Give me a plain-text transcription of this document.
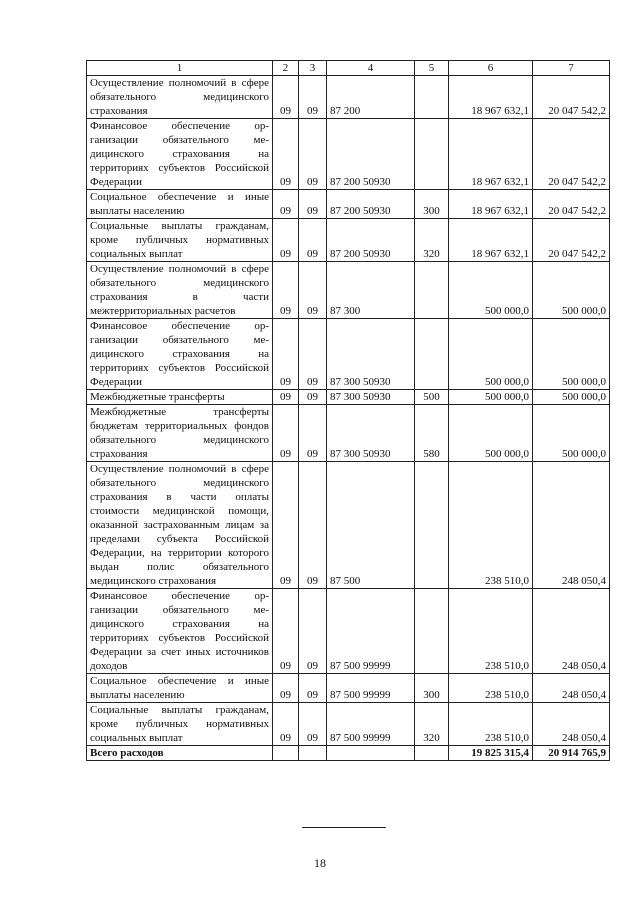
1	2	3	4	5	6	7
Осуществление полномочий в сфере обязательного медицинского страхования	09	09	87 200		18 967 632,1	20 047 542,2
Финансовое обеспечение организации обязательного медицинского страхования на территориях субъектов Российской Федерации	09	09	87 200 50930		18 967 632,1	20 047 542,2
Социальное обеспечение и иные выплаты населению	09	09	87 200 50930	300	18 967 632,1	20 047 542,2
Социальные выплаты гражданам, кроме публичных нормативных социальных выплат	09	09	87 200 50930	320	18 967 632,1	20 047 542,2
Осуществление полномочий в сфере обязательного медицинского страхования в части межтерриториальных расчетов	09	09	87 300		500 000,0	500 000,0
Финансовое обеспечение организации обязательного медицинского страхования на территориях субъектов Российской Федерации	09	09	87 300 50930		500 000,0	500 000,0
Межбюджетные трансферты	09	09	87 300 50930	500	500 000,0	500 000,0
Межбюджетные трансферты бюджетам территориальных фондов обязательного медицинского страхования	09	09	87 300 50930	580	500 000,0	500 000,0
Осуществление полномочий в сфере обязательного медицинского страхования в части оплаты стоимости медицинской помощи, оказанной застрахованным лицам за пределами субъекта Российской Федерации, на территории которого выдан полис обязательного медицинского страхования	09	09	87 500		238 510,0	248 050,4
Финансовое обеспечение организации обязательного медицинского страхования на территориях субъектов Российской Федерации за счет иных источников доходов	09	09	87 500 99999		238 510,0	248 050,4
Социальное обеспечение и иные выплаты населению	09	09	87 500 99999	300	238 510,0	248 050,4
Социальные выплаты гражданам, кроме публичных нормативных социальных выплат	09	09	87 500 99999	320	238 510,0	248 050,4
Всего расходов					19 825 315,4	20 914 765,9
18
